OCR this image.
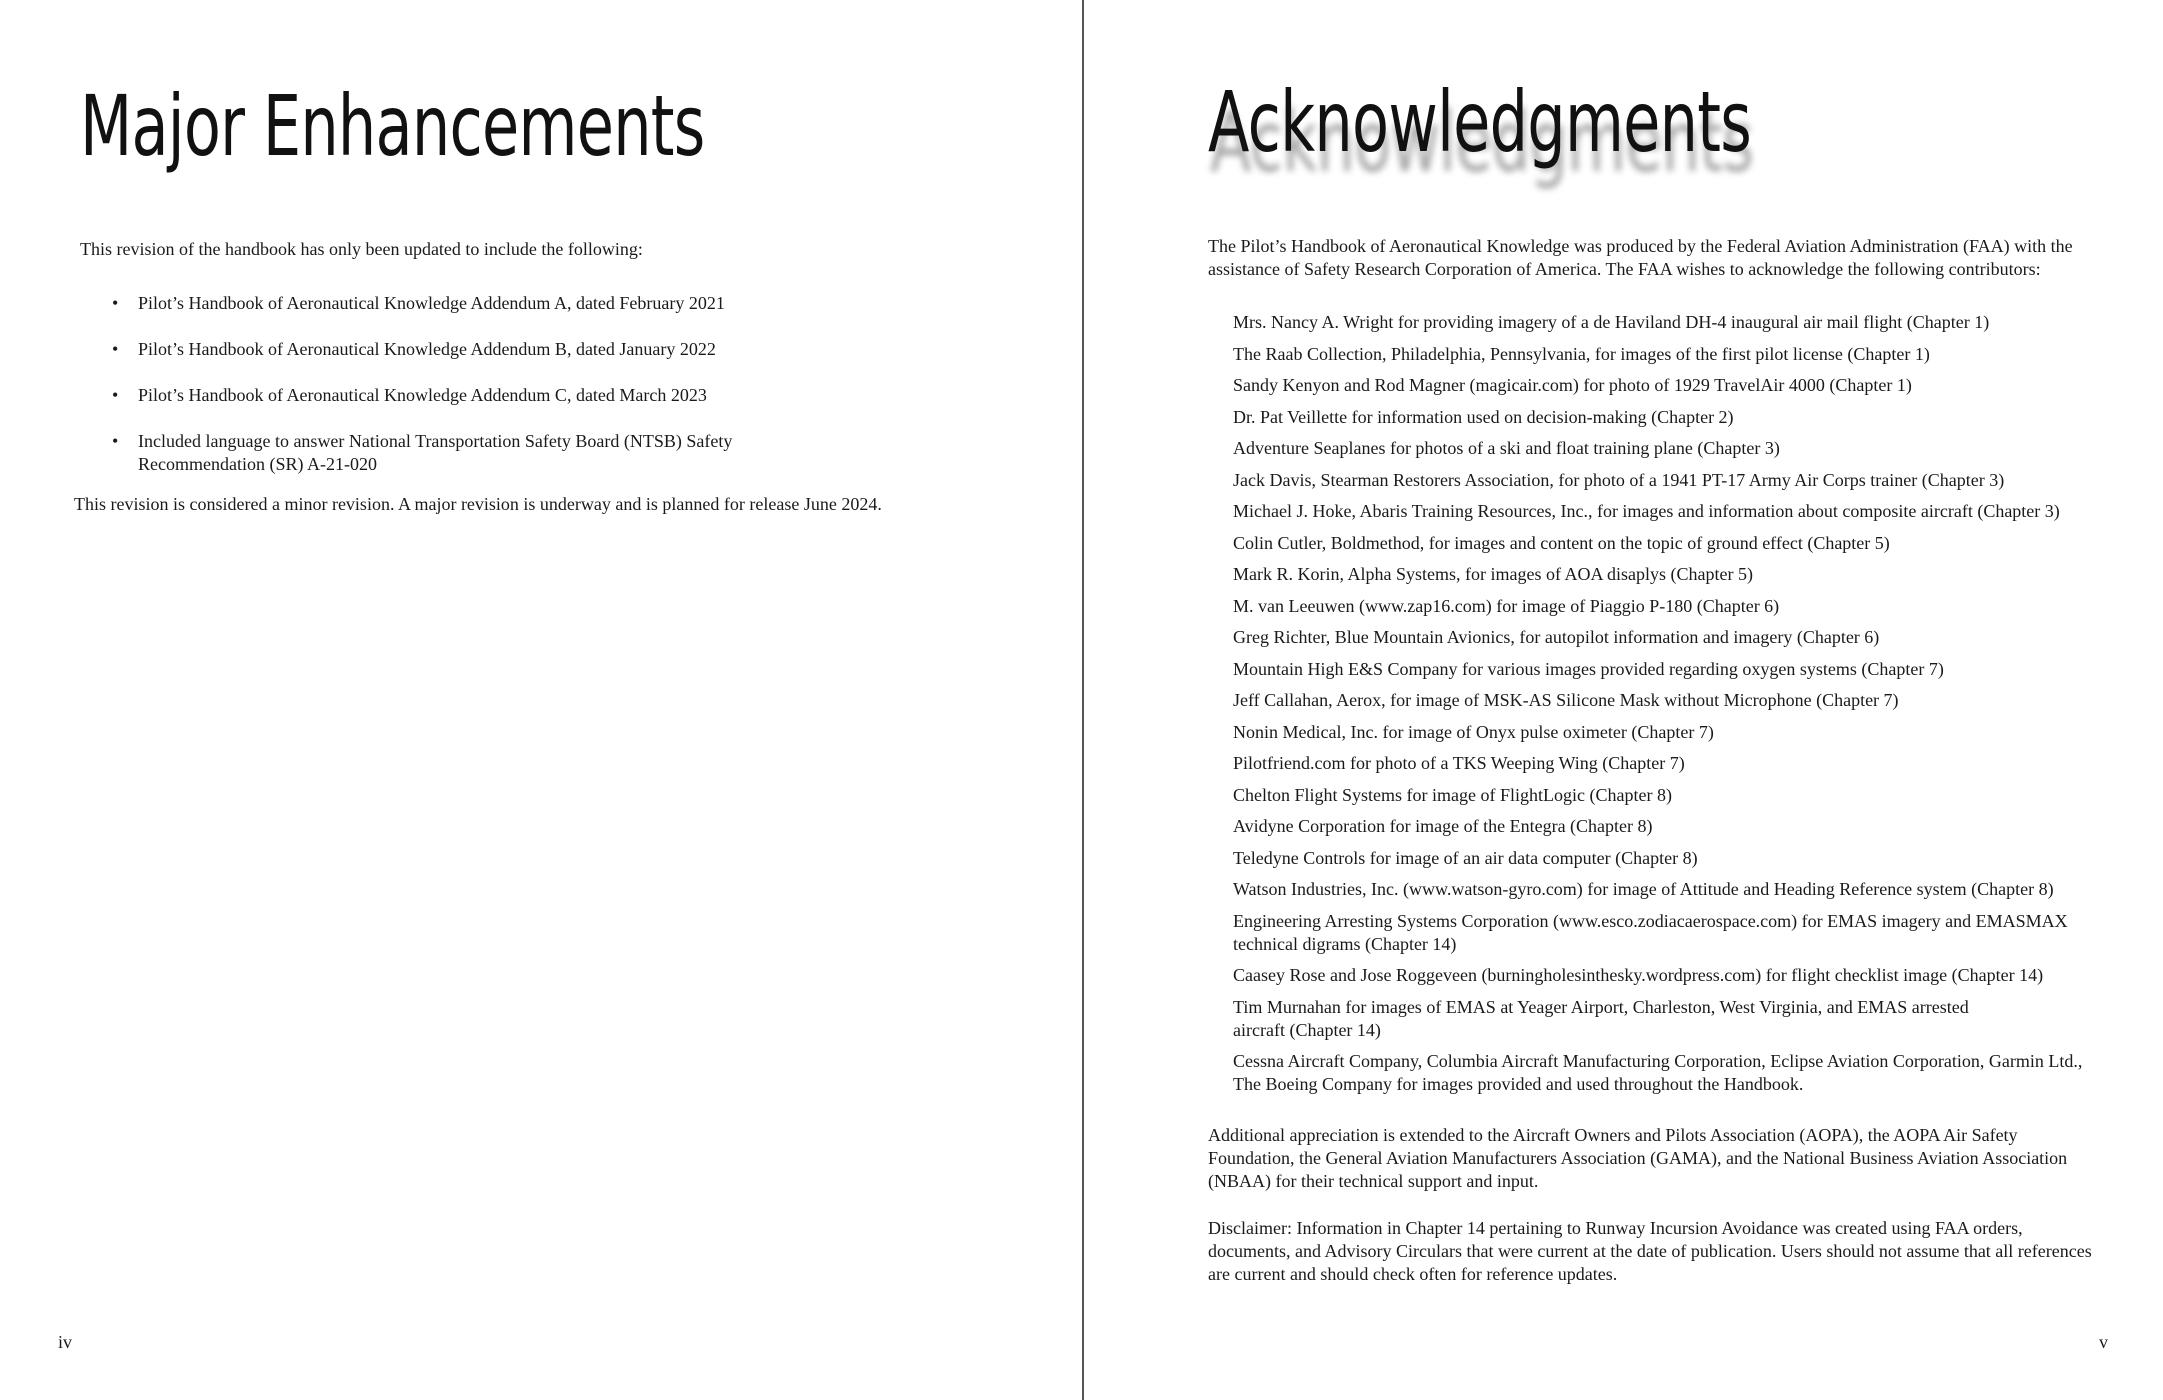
Major Enhancements
This revision of the handbook has only been updated to include the following:
• Pilot’s Handbook of Aeronautical Knowledge Addendum A, dated February 2021
• Pilot’s Handbook of Aeronautical Knowledge Addendum B, dated January 2022
• Pilot’s Handbook of Aeronautical Knowledge Addendum C, dated March 2023
• Included language to answer National Transportation Safety Board (NTSB) Safety Recommendation (SR) A-21-020
This revision is considered a minor revision. A major revision is underway and is planned for release June 2024.
iv
Acknowledgments
The Pilot’s Handbook of Aeronautical Knowledge was produced by the Federal Aviation Administration (FAA) with the assistance of Safety Research Corporation of America. The FAA wishes to acknowledge the following contributors:
Mrs. Nancy A. Wright for providing imagery of a de Haviland DH-4 inaugural air mail flight (Chapter 1)
The Raab Collection, Philadelphia, Pennsylvania, for images of the first pilot license (Chapter 1)
Sandy Kenyon and Rod Magner (magicair.com) for photo of 1929 TravelAir 4000 (Chapter 1)
Dr. Pat Veillette for information used on decision-making (Chapter 2)
Adventure Seaplanes for photos of a ski and float training plane (Chapter 3)
Jack Davis, Stearman Restorers Association, for photo of a 1941 PT-17 Army Air Corps trainer (Chapter 3)
Michael J. Hoke, Abaris Training Resources, Inc., for images and information about composite aircraft (Chapter 3)
Colin Cutler, Boldmethod, for images and content on the topic of ground effect (Chapter 5)
Mark R. Korin, Alpha Systems, for images of AOA disaplys (Chapter 5)
M. van Leeuwen (www.zap16.com) for image of Piaggio P-180 (Chapter 6)
Greg Richter, Blue Mountain Avionics, for autopilot information and imagery (Chapter 6)
Mountain High E&S Company for various images provided regarding oxygen systems (Chapter 7)
Jeff Callahan, Aerox, for image of MSK-AS Silicone Mask without Microphone (Chapter 7)
Nonin Medical, Inc. for image of Onyx pulse oximeter (Chapter 7)
Pilotfriend.com for photo of a TKS Weeping Wing (Chapter 7)
Chelton Flight Systems for image of FlightLogic (Chapter 8)
Avidyne Corporation for image of the Entegra (Chapter 8)
Teledyne Controls for image of an air data computer (Chapter 8)
Watson Industries, Inc. (www.watson-gyro.com) for image of Attitude and Heading Reference system (Chapter 8)
Engineering Arresting Systems Corporation (www.esco.zodiacaerospace.com) for EMAS imagery and EMASMAX technical digrams (Chapter 14)
Caasey Rose and Jose Roggeveen (burningholesinthesky.wordpress.com) for flight checklist image (Chapter 14)
Tim Murnahan for images of EMAS at Yeager Airport, Charleston, West Virginia, and EMAS arrested aircraft (Chapter 14)
Cessna Aircraft Company, Columbia Aircraft Manufacturing Corporation, Eclipse Aviation Corporation, Garmin Ltd., The Boeing Company for images provided and used throughout the Handbook.
Additional appreciation is extended to the Aircraft Owners and Pilots Association (AOPA), the AOPA Air Safety Foundation, the General Aviation Manufacturers Association (GAMA), and the National Business Aviation Association (NBAA) for their technical support and input.
Disclaimer: Information in Chapter 14 pertaining to Runway Incursion Avoidance was created using FAA orders, documents, and Advisory Circulars that were current at the date of publication. Users should not assume that all references are current and should check often for reference updates.
v
